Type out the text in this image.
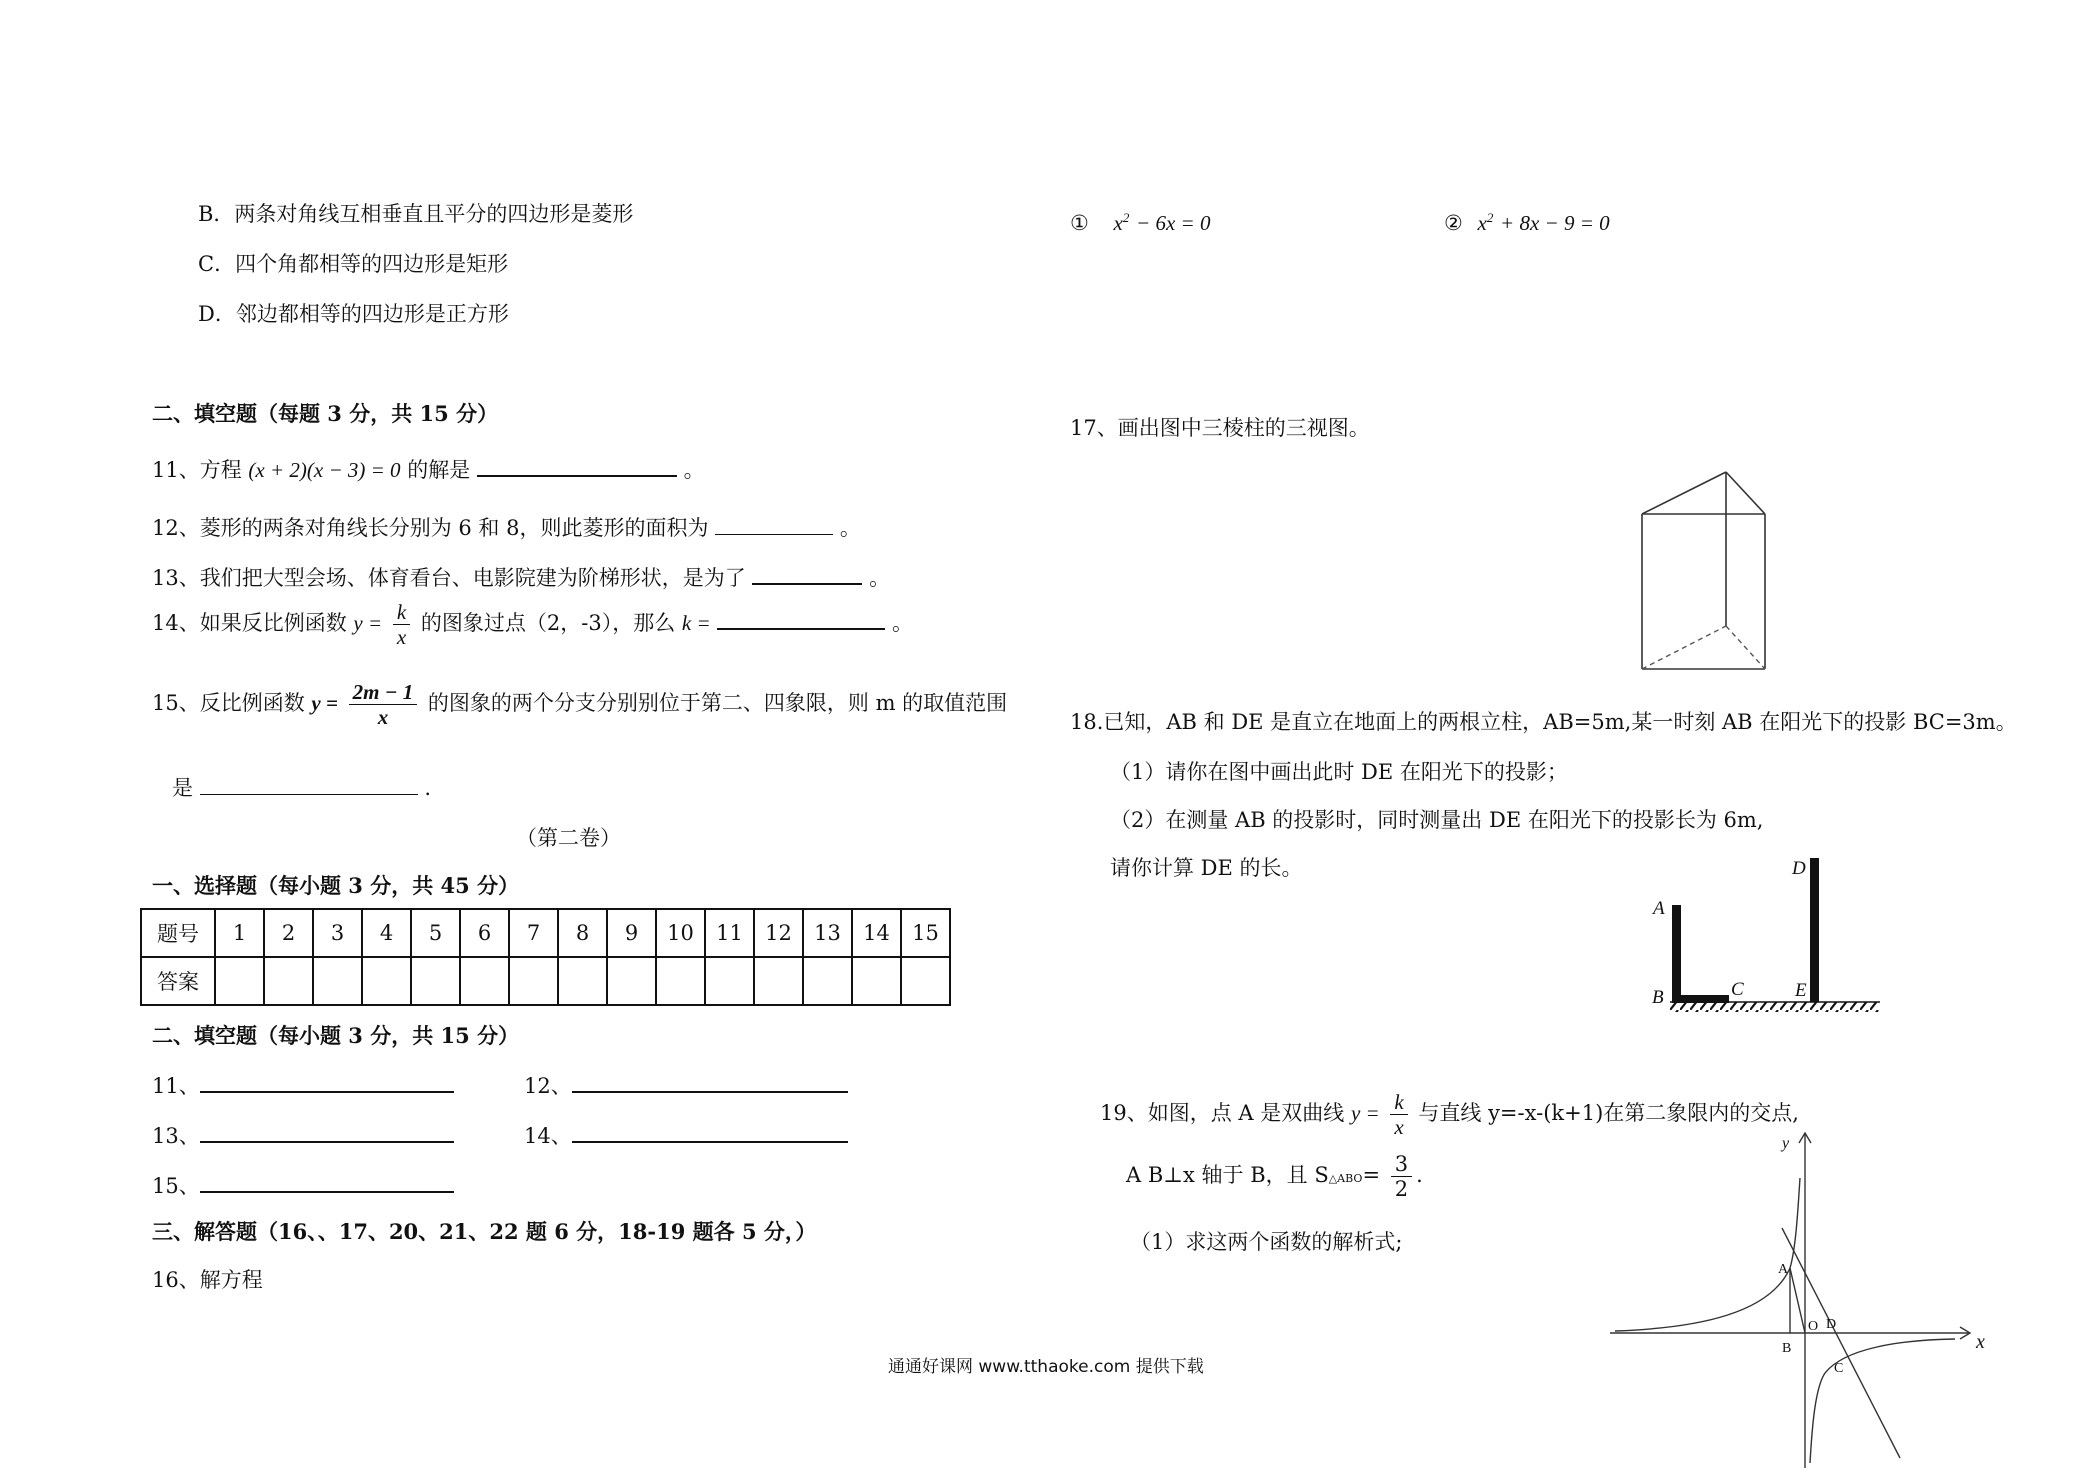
B．两条对角线互相垂直且平分的四边形是菱形
C．四个角都相等的四边形是矩形
D．邻边都相等的四边形是正方形
二、填空题（每题 3 分，共 15 分）
11、方程 (x + 2)(x − 3) = 0 的解是	。
12、菱形的两条对角线长分别为 6 和 8，则此菱形的面积为	。
13、我们把大型会场、体育看台、电影院建为阶梯形状，是为了	。
14、如果反比例函数 $y = \frac{k}{x}$ 的图象过点（2，-3），那么 k =	。
15、反比例函数 $y = \frac{2m - 1}{x}$ 的图象的两个分支分别别位于第二、四象限，则 m 的取值范围
是	.
（第二卷）
一、选择题（每小题 3 分，共 45 分）
题号	1	2	3	4	5	6	7	8	9	10	11	12	13	14	15
答案															
二、填空题（每小题 3 分，共 15 分）
11、	12、
13、	14、
15、
三、解答题（16、、17、20、21、22 题 6 分，18-19 题各 5 分，）
16、解方程
① $x^2 - 6x = 0$	② $x^2 + 8x - 9 = 0$
17、画出图中三棱柱的三视图。
18.已知，AB 和 DE 是直立在地面上的两根立柱，AB=5m,某一时刻 AB 在阳光下的投影 BC=3m。
（1）请你在图中画出此时 DE 在阳光下的投影；
（2）在测量 AB 的投影时，同时测量出 DE 在阳光下的投影长为 6m,
请你计算 DE 的长。
A
B	C
D
E
19、如图，点 A 是双曲线 $y = \frac{k}{x}$ 与直线 y=-x-(k+1)在第二象限内的交点,
A B⊥x 轴于 B，且 S△ABO= $\frac{3}{2}$ .
（1）求这两个函数的解析式;
y
x
A
B
O D
C
通通好课网 www.tthaoke.com 提供下载
